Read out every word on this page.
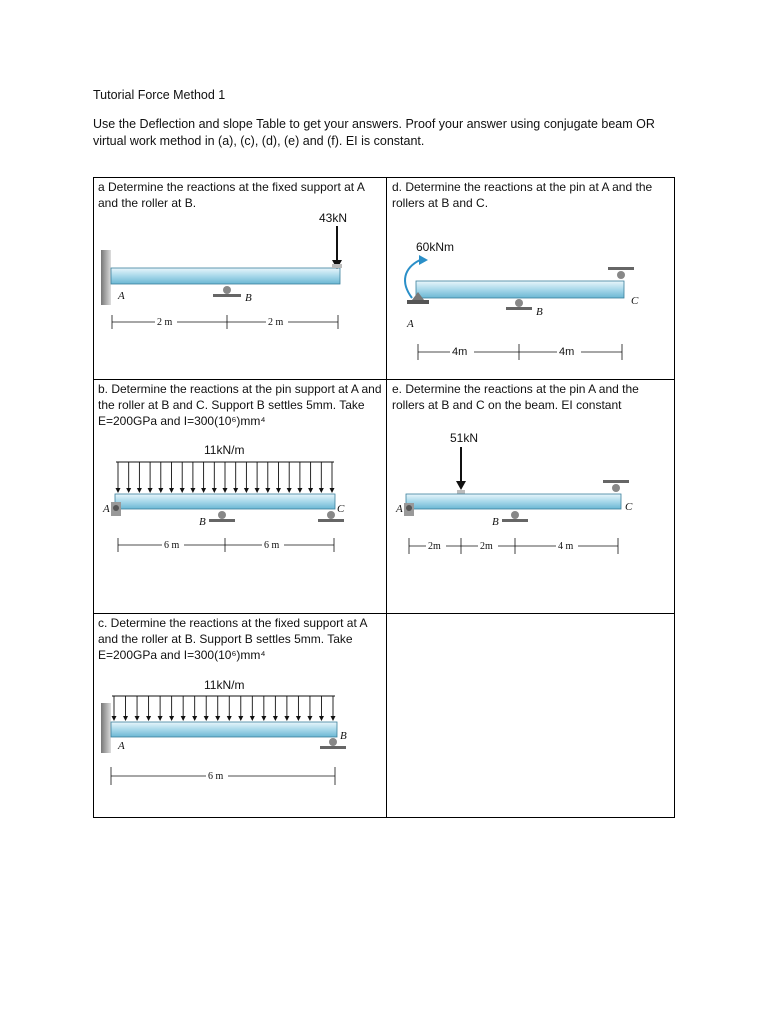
Tutorial Force Method 1
Use the Deflection and slope Table to get your answers. Proof your answer using conjugate beam OR virtual work method in (a), (c), (d), (e) and (f). EI is constant.
a Determine the reactions at the fixed support at A and the roller at B.
43kN
A	B
2 m	2 m
d. Determine the reactions at the pin at A and the rollers at B and C.
60kNm
A
B
C
4m	4m
b. Determine the reactions at the pin support at A and the roller at B and C. Support B settles 5mm. Take E=200GPa and I=300(10⁶)mm⁴
11kN/m
A
B
C
6 m	6 m
e. Determine the reactions at the pin A and the rollers at B and C on the beam. EI constant
51kN
A
B
C
2m	2m	4 m
c. Determine the reactions at the fixed support at A and the roller at B. Support B settles 5mm. Take E=200GPa and I=300(10⁶)mm⁴
11kN/m
A
B
6 m
